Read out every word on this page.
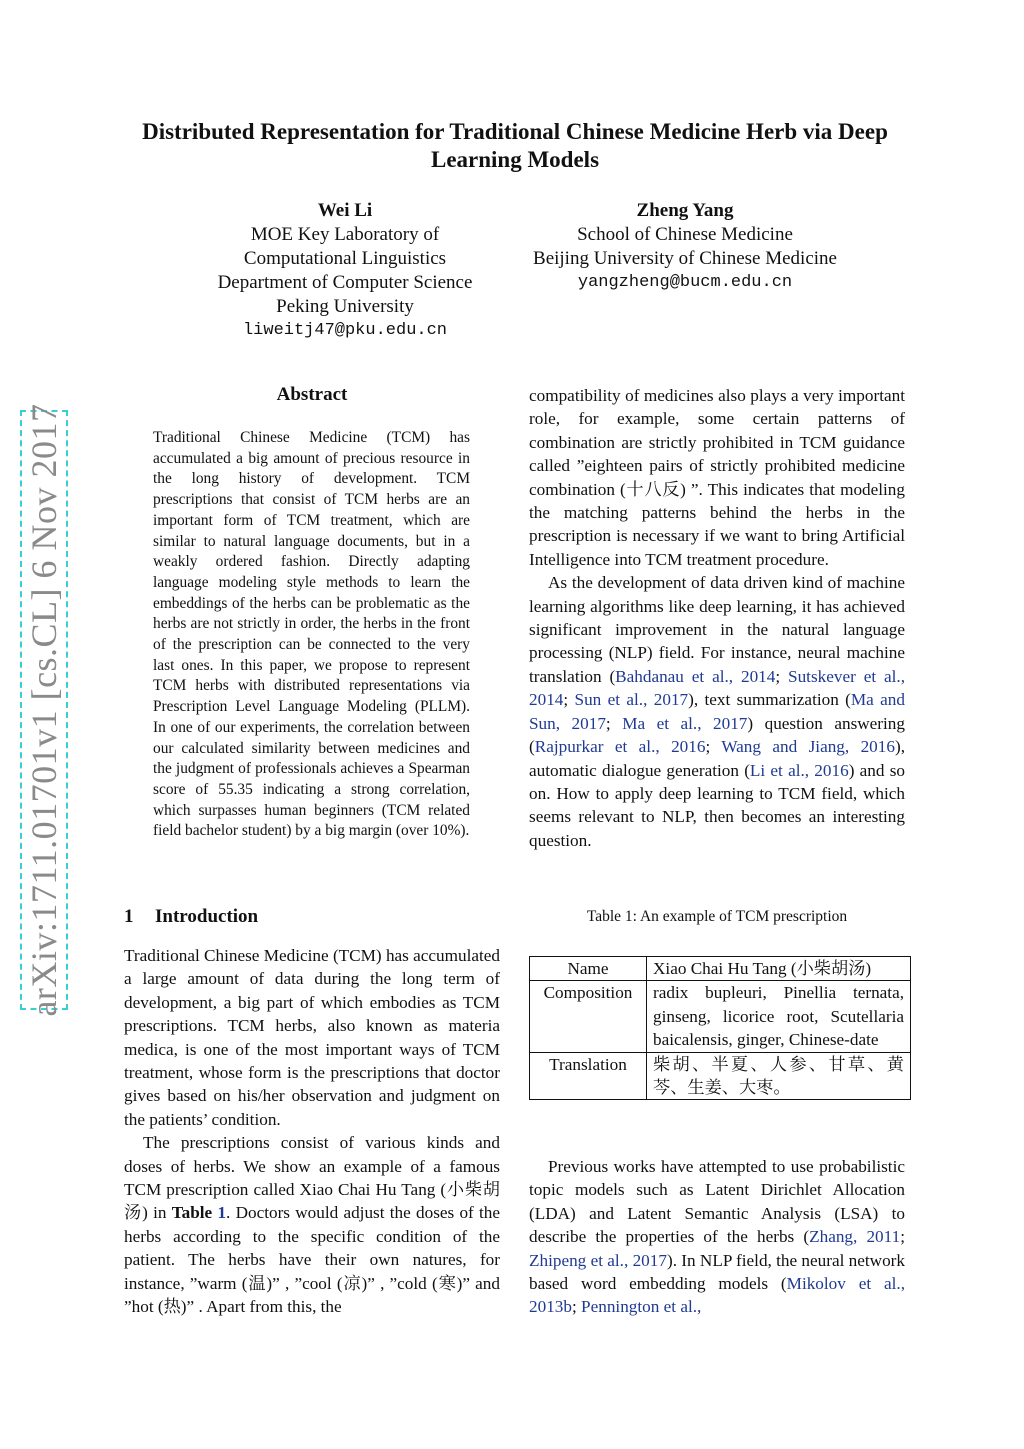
arXiv:1711.01701v1 [cs.CL] 6 Nov 2017
Distributed Representation for Traditional Chinese Medicine Herb via Deep Learning Models
Wei Li
MOE Key Laboratory of
Computational Linguistics
Department of Computer Science
Peking University
liweitj47@pku.edu.cn
Zheng Yang
School of Chinese Medicine
Beijing University of Chinese Medicine
yangzheng@bucm.edu.cn
Abstract
Traditional Chinese Medicine (TCM) has accumulated a big amount of precious resource in the long history of development. TCM prescriptions that consist of TCM herbs are an important form of TCM treatment, which are similar to natural language documents, but in a weakly ordered fashion. Directly adapting language modeling style methods to learn the embeddings of the herbs can be problematic as the herbs are not strictly in order, the herbs in the front of the prescription can be connected to the very last ones. In this paper, we propose to represent TCM herbs with distributed representations via Prescription Level Language Modeling (PLLM). In one of our experiments, the correlation between our calculated similarity between medicines and the judgment of professionals achieves a Spearman score of 55.35 indicating a strong correlation, which surpasses human beginners (TCM related field bachelor student) by a big margin (over 10%).
1 Introduction

Traditional Chinese Medicine (TCM) has accumulated a large amount of data during the long term of development, a big part of which embodies as TCM prescriptions. TCM herbs, also known as materia medica, is one of the most important ways of TCM treatment, whose form is the prescriptions that doctor gives based on his/her observation and judgment on the patients’ condition.

The prescriptions consist of various kinds and doses of herbs. We show an example of a famous TCM prescription called Xiao Chai Hu Tang (小柴胡汤) in Table 1. Doctors would adjust the doses of the herbs according to the specific condition of the patient. The herbs have their own natures, for instance, ”warm (温)” , ”cool (凉)” , ”cold (寒)” and ”hot (热)” . Apart from this, the

compatibility of medicines also plays a very important role, for example, some certain patterns of combination are strictly prohibited in TCM guidance called ”eighteen pairs of strictly prohibited medicine combination (十八反) ”. This indicates that modeling the matching patterns behind the herbs in the prescription is necessary if we want to bring Artificial Intelligence into TCM treatment procedure.

As the development of data driven kind of machine learning algorithms like deep learning, it has achieved significant improvement in the natural language processing (NLP) field. For instance, neural machine translation (Bahdanau et al., 2014; Sutskever et al., 2014; Sun et al., 2017), text summarization (Ma and Sun, 2017; Ma et al., 2017) question answering (Rajpurkar et al., 2016; Wang and Jiang, 2016), automatic dialogue generation (Li et al., 2016) and so on. How to apply deep learning to TCM field, which seems relevant to NLP, then becomes an interesting question.

Table 1: An example of TCM prescription
Name	Xiao Chai Hu Tang (小柴胡汤)
Composition	radix bupleuri, Pinellia ternata, ginseng, licorice root, Scutellaria baicalensis, ginger, Chinese-date
Translation	柴胡、半夏、人参、甘草、黄芩、生姜、大枣。

Previous works have attempted to use probabilistic topic models such as Latent Dirichlet Allocation (LDA) and Latent Semantic Analysis (LSA) to describe the properties of the herbs (Zhang, 2011; Zhipeng et al., 2017). In NLP field, the neural network based word embedding models (Mikolov et al., 2013b; Pennington et al.,
